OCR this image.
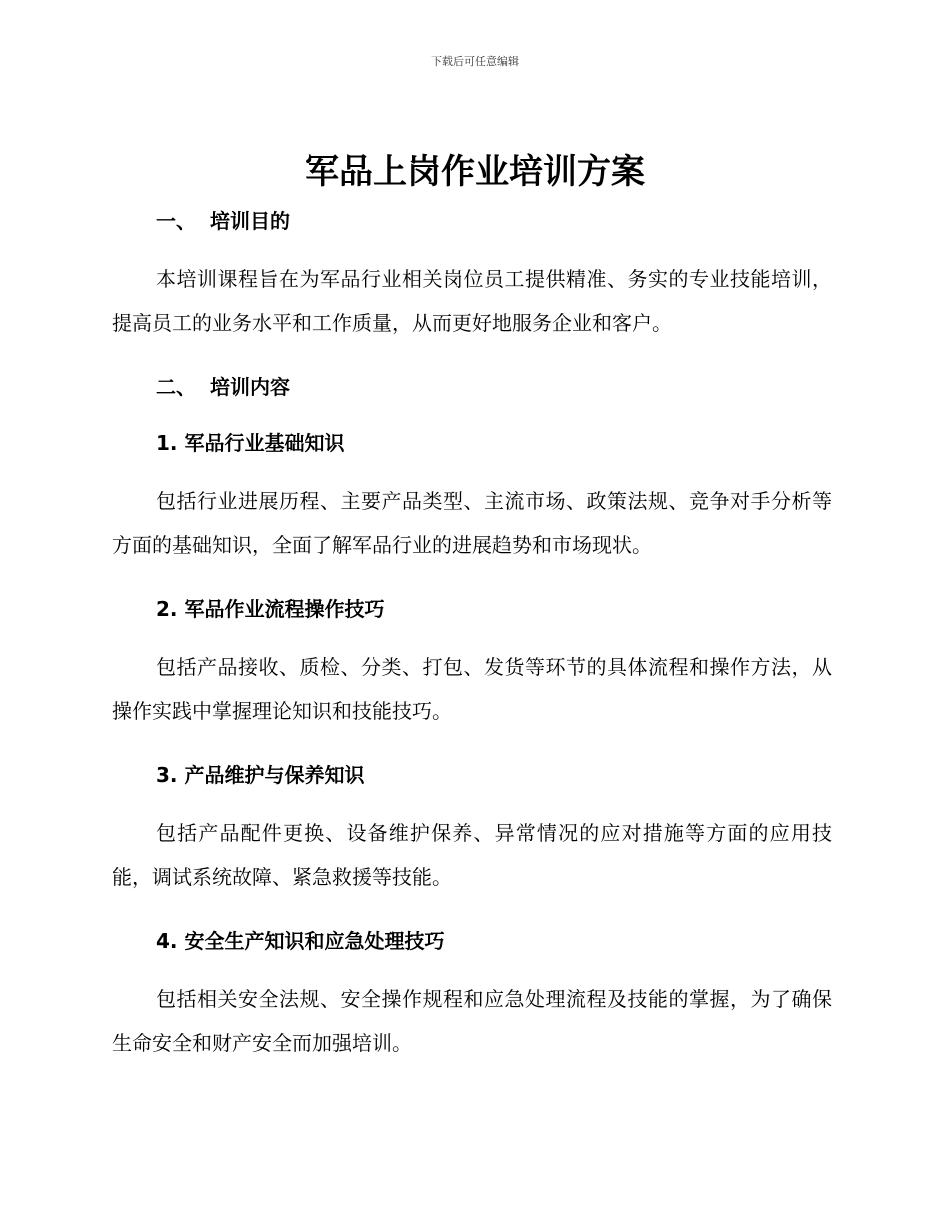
下载后可任意编辑
军品上岗作业培训方案
一、 培训目的

本培训课程旨在为军品行业相关岗位员工提供精准、务实的专业技能培训，提高员工的业务水平和工作质量，从而更好地服务企业和客户。

二、 培训内容
1. 军品行业基础知识

包括行业进展历程、主要产品类型、主流市场、政策法规、竞争对手分析等方面的基础知识，全面了解军品行业的进展趋势和市场现状。

2. 军品作业流程操作技巧

包括产品接收、质检、分类、打包、发货等环节的具体流程和操作方法，从操作实践中掌握理论知识和技能技巧。

3. 产品维护与保养知识

包括产品配件更换、设备维护保养、异常情况的应对措施等方面的应用技能，调试系统故障、紧急救援等技能。

4. 安全生产知识和应急处理技巧

包括相关安全法规、安全操作规程和应急处理流程及技能的掌握，为了确保生命安全和财产安全而加强培训。
